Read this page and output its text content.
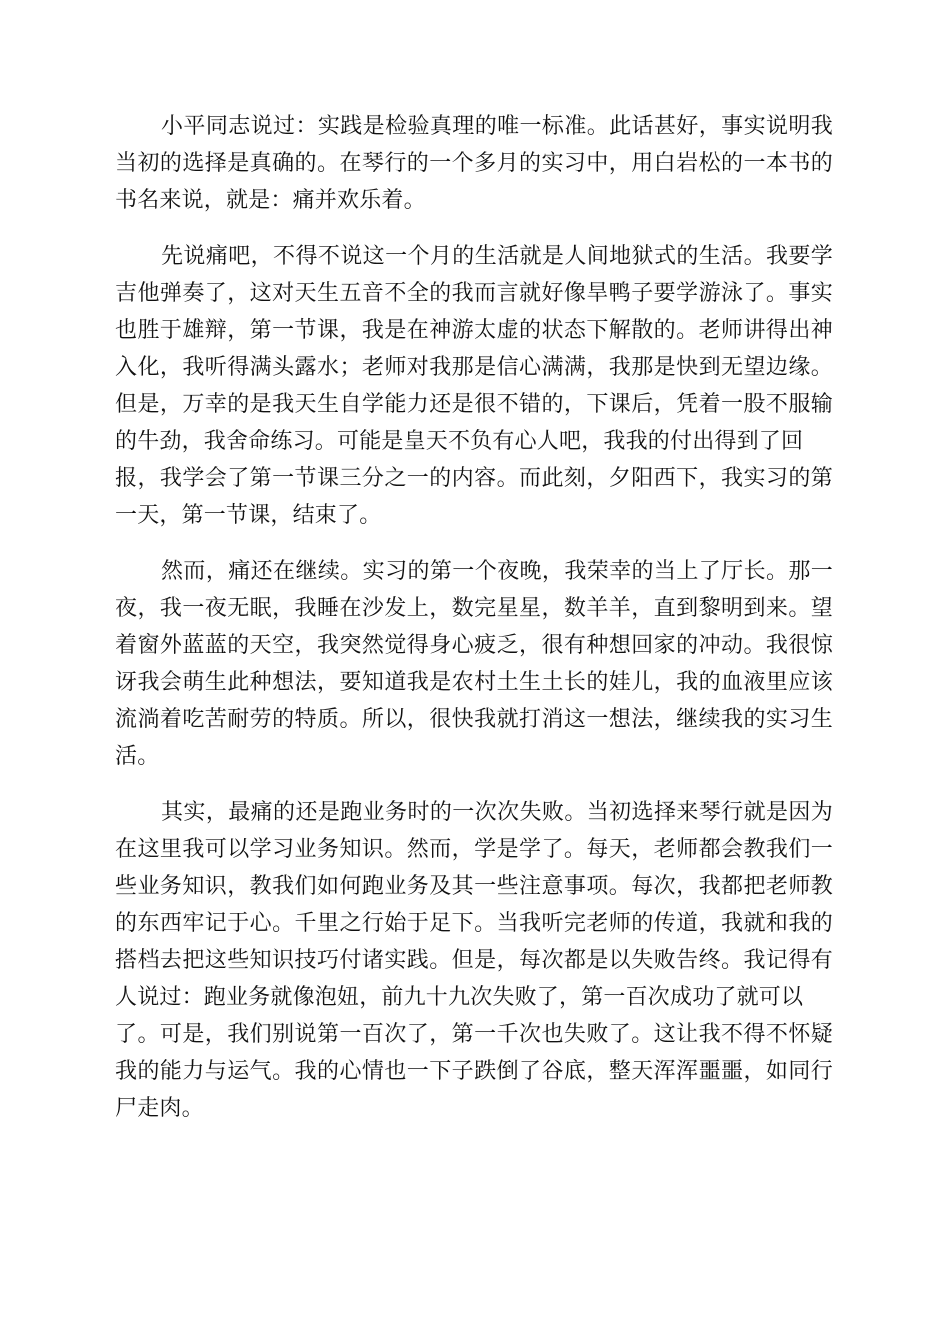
小平同志说过：实践是检验真理的唯一标准。此话甚好，事实说明我
当初的选择是真确的。在琴行的一个多月的实习中，用白岩松的一本书的
书名来说，就是：痛并欢乐着。
先说痛吧，不得不说这一个月的生活就是人间地狱式的生活。我要学
吉他弹奏了，这对天生五音不全的我而言就好像旱鸭子要学游泳了。事实
也胜于雄辩，第一节课，我是在神游太虚的状态下解散的。老师讲得出神
入化，我听得满头露水；老师对我那是信心满满，我那是快到无望边缘。
但是，万幸的是我天生自学能力还是很不错的，下课后，凭着一股不服输
的牛劲，我舍命练习。可能是皇天不负有心人吧，我我的付出得到了回
报，我学会了第一节课三分之一的内容。而此刻，夕阳西下，我实习的第
一天，第一节课，结束了。
然而，痛还在继续。实习的第一个夜晚，我荣幸的当上了厅长。那一
夜，我一夜无眠，我睡在沙发上，数完星星，数羊羊，直到黎明到来。望
着窗外蓝蓝的天空，我突然觉得身心疲乏，很有种想回家的冲动。我很惊
讶我会萌生此种想法，要知道我是农村土生土长的娃儿，我的血液里应该
流淌着吃苦耐劳的特质。所以，很快我就打消这一想法，继续我的实习生
活。
其实，最痛的还是跑业务时的一次次失败。当初选择来琴行就是因为
在这里我可以学习业务知识。然而，学是学了。每天，老师都会教我们一
些业务知识，教我们如何跑业务及其一些注意事项。每次，我都把老师教
的东西牢记于心。千里之行始于足下。当我听完老师的传道，我就和我的
搭档去把这些知识技巧付诸实践。但是，每次都是以失败告终。我记得有
人说过：跑业务就像泡妞，前九十九次失败了，第一百次成功了就可以
了。可是，我们别说第一百次了，第一千次也失败了。这让我不得不怀疑
我的能力与运气。我的心情也一下子跌倒了谷底，整天浑浑噩噩，如同行
尸走肉。
